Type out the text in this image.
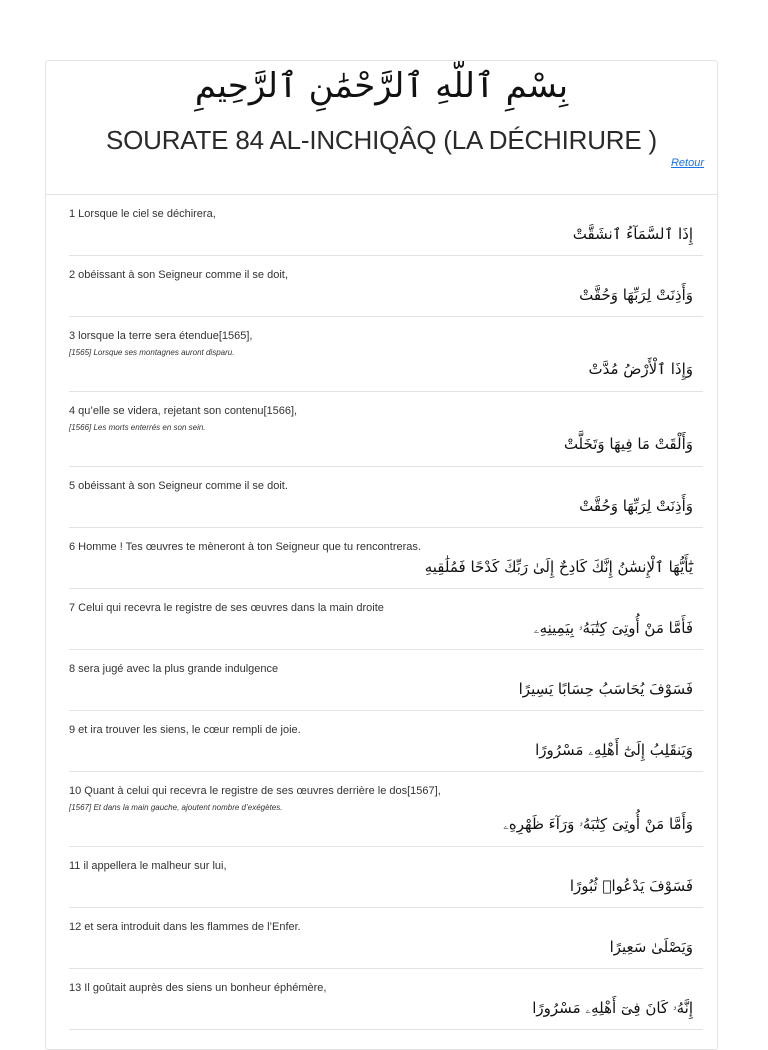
بِسْمِ ٱللَّهِ ٱلرَّحْمَٰنِ ٱلرَّحِيمِ
SOURATE 84 AL-INCHIQÂQ (LA DÉCHIRURE )
Retour
1 Lorsque le ciel se déchirera,
إِذَا ٱلسَّمَآءُ ٱنشَقَّتْ
2 obéissant à son Seigneur comme il se doit,
وَأَذِنَتْ لِرَبِّهَا وَحُقَّتْ
3 lorsque la terre sera étendue[1565],
[1565] Lorsque ses montagnes auront disparu.
وَإِذَا ٱلْأَرْضُ مُدَّتْ
4 qu’elle se videra, rejetant son contenu[1566],
[1566] Les morts enterrés en son sein.
وَأَلْقَتْ مَا فِيهَا وَتَخَلَّتْ
5 obéissant à son Seigneur comme il se doit.
وَأَذِنَتْ لِرَبِّهَا وَحُقَّتْ
6 Homme ! Tes œuvres te mèneront à ton Seigneur que tu rencontreras.
يَٰٓأَيُّهَا ٱلْإِنسَٰنُ إِنَّكَ كَادِحٌ إِلَىٰ رَبِّكَ كَدْحًا فَمُلَٰقِيهِ
7 Celui qui recevra le registre de ses œuvres dans la main droite
فَأَمَّا مَنْ أُوتِىَ كِتَٰبَهُۥ بِيَمِينِهِۦ
8 sera jugé avec la plus grande indulgence
فَسَوْفَ يُحَاسَبُ حِسَابًا يَسِيرًا
9 et ira trouver les siens, le cœur rempli de joie.
وَيَنقَلِبُ إِلَىٰٓ أَهْلِهِۦ مَسْرُورًا
10 Quant à celui qui recevra le registre de ses œuvres derrière le dos[1567],
[1567] Et dans la main gauche, ajoutent nombre d’exégètes.
وَأَمَّا مَنْ أُوتِىَ كِتَٰبَهُۥ وَرَآءَ ظَهْرِهِۦ
11 il appellera le malheur sur lui,
فَسَوْفَ يَدْعُوا۟ ثُبُورًا
12 et sera introduit dans les flammes de l’Enfer.
وَيَصْلَىٰ سَعِيرًا
13 Il goûtait auprès des siens un bonheur éphémère,
إِنَّهُۥ كَانَ فِىٓ أَهْلِهِۦ مَسْرُورًا
